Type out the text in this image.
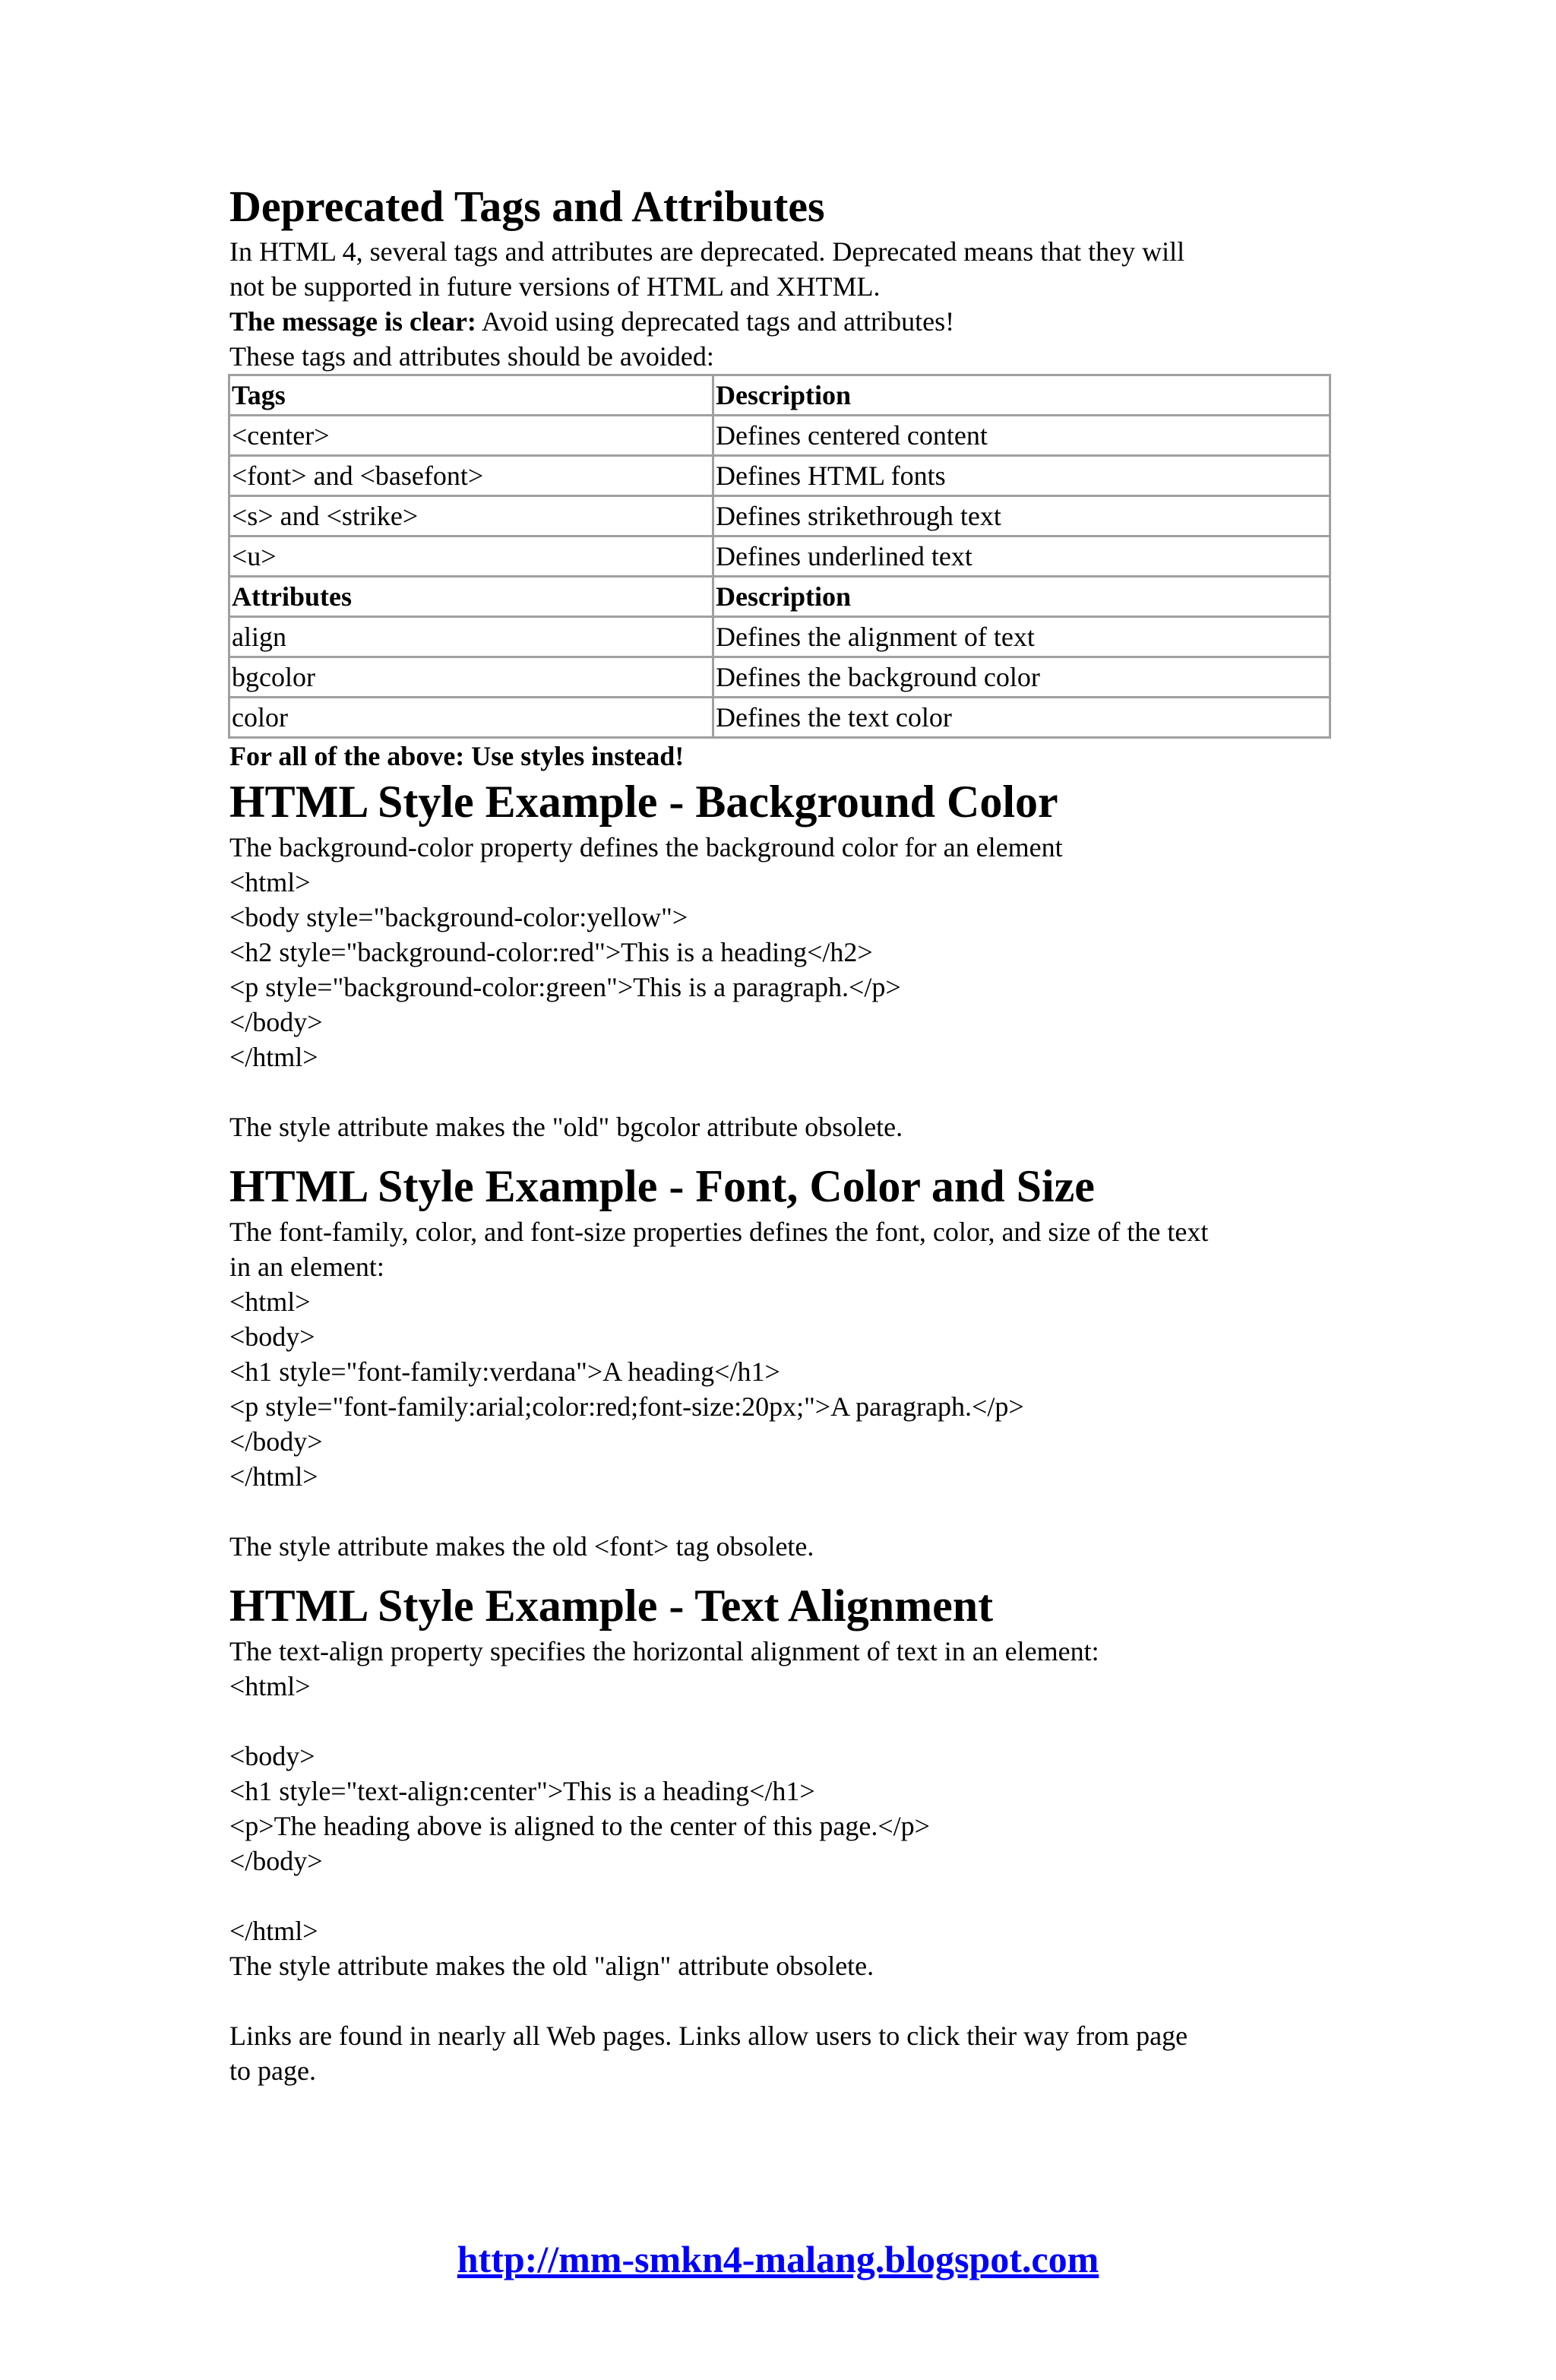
Deprecated Tags and Attributes

In HTML 4, several tags and attributes are deprecated. Deprecated means that they will

not be supported in future versions of HTML and XHTML.

The message is clear: Avoid using deprecated tags and attributes!

These tags and attributes should be avoided:

Tags	Description
<center>	Defines centered content
<font> and <basefont>	Defines HTML fonts
<s> and <strike>	Defines strikethrough text
<u>	Defines underlined text
Attributes	Description
align	Defines the alignment of text
bgcolor	Defines the background color
color	Defines the text color

For all of the above: Use styles instead!

HTML Style Example - Background Color

The background-color property defines the background color for an element

<html>

<body style="background-color:yellow">

<h2 style="background-color:red">This is a heading</h2>

<p style="background-color:green">This is a paragraph.</p>

</body>

</html>

The style attribute makes the "old" bgcolor attribute obsolete.

HTML Style Example - Font, Color and Size

The font-family, color, and font-size properties defines the font, color, and size of the text

in an element:

<html>

<body>

<h1 style="font-family:verdana">A heading</h1>

<p style="font-family:arial;color:red;font-size:20px;">A paragraph.</p>

</body>

</html>

The style attribute makes the old <font> tag obsolete.

HTML Style Example - Text Alignment

The text-align property specifies the horizontal alignment of text in an element:

<html>

<body>

<h1 style="text-align:center">This is a heading</h1>

<p>The heading above is aligned to the center of this page.</p>

</body>

</html>

The style attribute makes the old "align" attribute obsolete.

Links are found in nearly all Web pages. Links allow users to click their way from page

to page.

http://mm-smkn4-malang.blogspot.com
